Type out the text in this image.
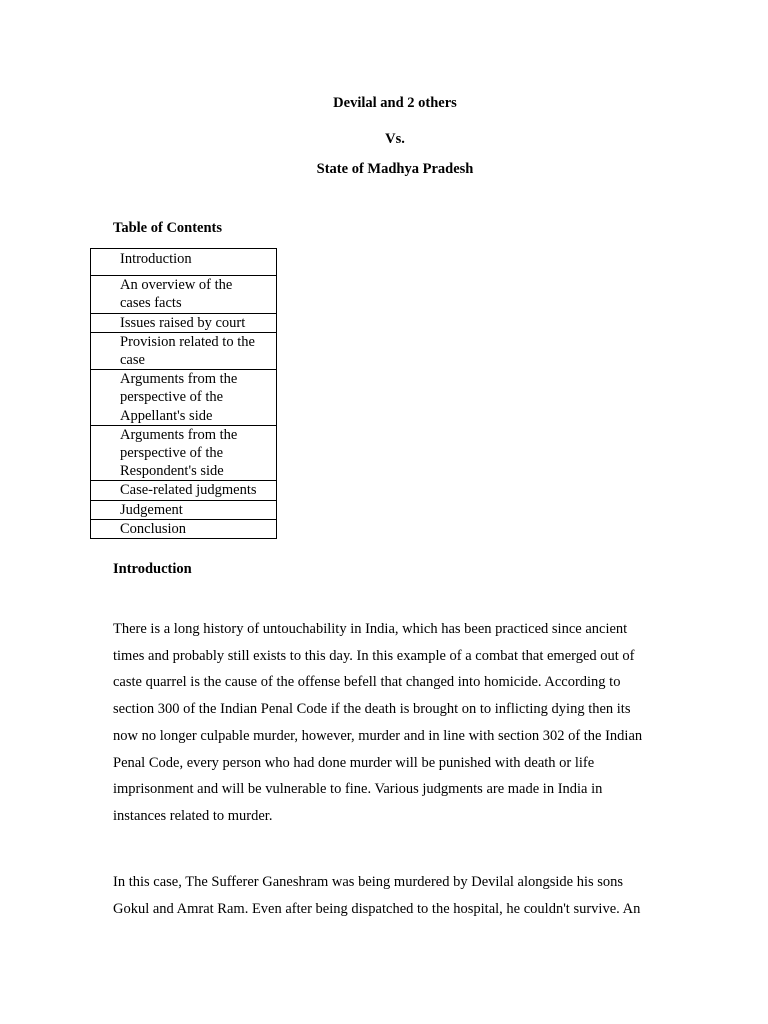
Devilal and 2 others
Vs.
State of Madhya Pradesh
Table of Contents
Introduction

An overview of the
cases facts

Issues raised by court

Provision related to the
case

Arguments from the
perspective of the
Appellant's side

Arguments from the
perspective of the
Respondent's side

Case-related judgments

Judgement

Conclusion
Introduction
There is a long history of untouchability in India, which has been practiced since ancient
times and probably still exists to this day. In this example of a combat that emerged out of
caste quarrel is the cause of the offense befell that changed into homicide. According to
section 300 of the Indian Penal Code if the death is brought on to inflicting dying then its
now no longer culpable murder, however, murder and in line with section 302 of the Indian
Penal Code, every person who had done murder will be punished with death or life
imprisonment and will be vulnerable to fine. Various judgments are made in India in
instances related to murder.
In this case, The Sufferer Ganeshram was being murdered by Devilal alongside his sons
Gokul and Amrat Ram. Even after being dispatched to the hospital, he couldn't survive. An
